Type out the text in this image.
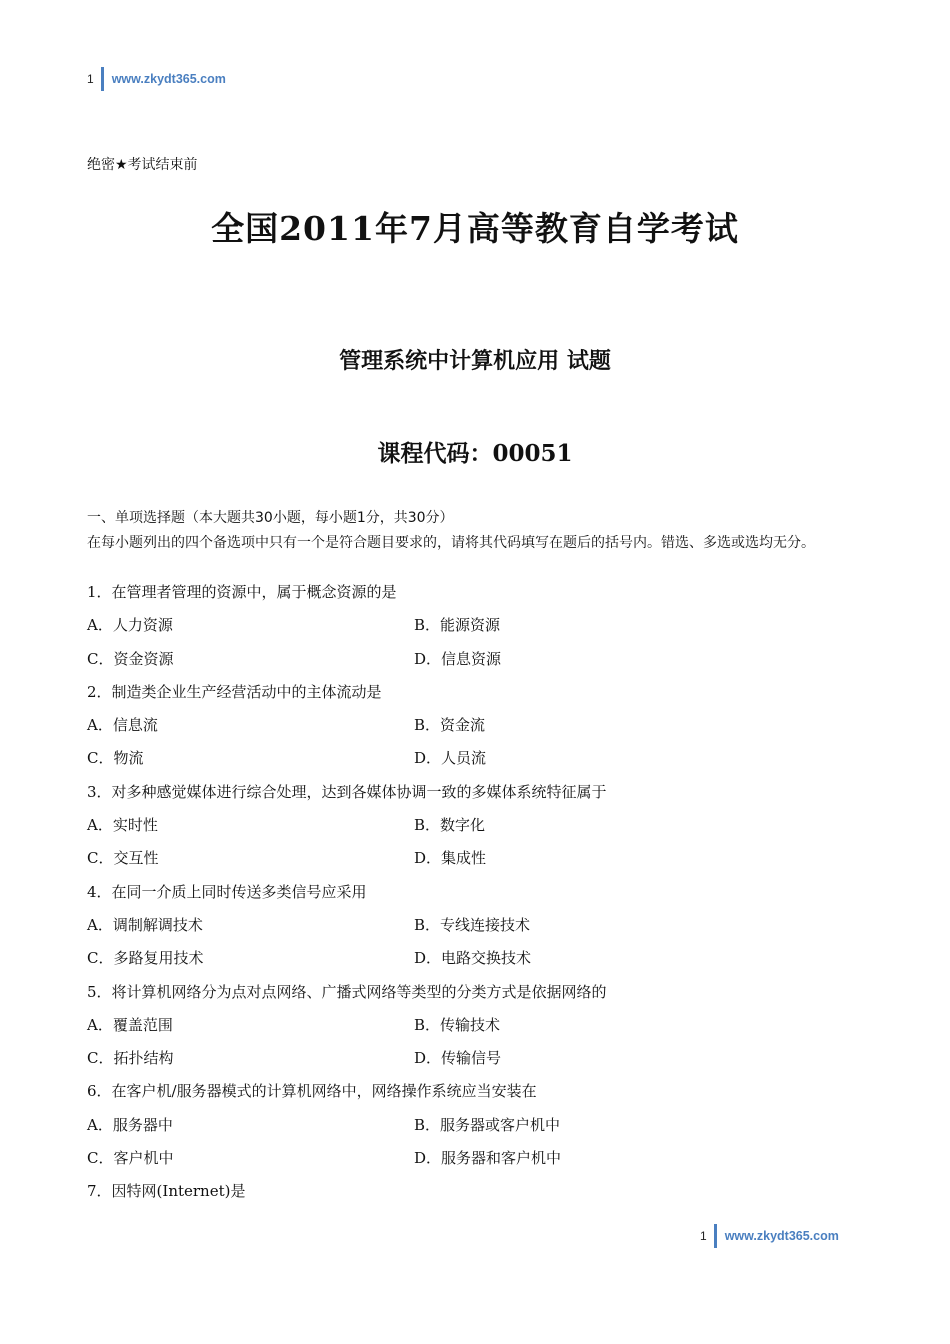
1 www.zkydt365.com
绝密★考试结束前
全国2011年7月高等教育自学考试
管理系统中计算机应用 试题
课程代码：00051
一、单项选择题（本大题共30小题，每小题1分，共30分）
在每小题列出的四个备选项中只有一个是符合题目要求的，请将其代码填写在题后的括号内。错选、多选或选均无分。
1．在管理者管理的资源中，属于概念资源的是
A．人力资源	B．能源资源
C．资金资源	D．信息资源
2．制造类企业生产经营活动中的主体流动是
A．信息流	B．资金流
C．物流	D．人员流
3．对多种感觉媒体进行综合处理，达到各媒体协调一致的多媒体系统特征属于
A．实时性	B．数字化
C．交互性	D．集成性
4．在同一介质上同时传送多类信号应采用
A．调制解调技术	B．专线连接技术
C．多路复用技术	D．电路交换技术
5．将计算机网络分为点对点网络、广播式网络等类型的分类方式是依据网络的
A．覆盖范围	B．传输技术
C．拓扑结构	D．传输信号
6．在客户机/服务器模式的计算机网络中，网络操作系统应当安装在
A．服务器中	B．服务器或客户机中
C．客户机中	D．服务器和客户机中
7．因特网(Internet)是
1 www.zkydt365.com
